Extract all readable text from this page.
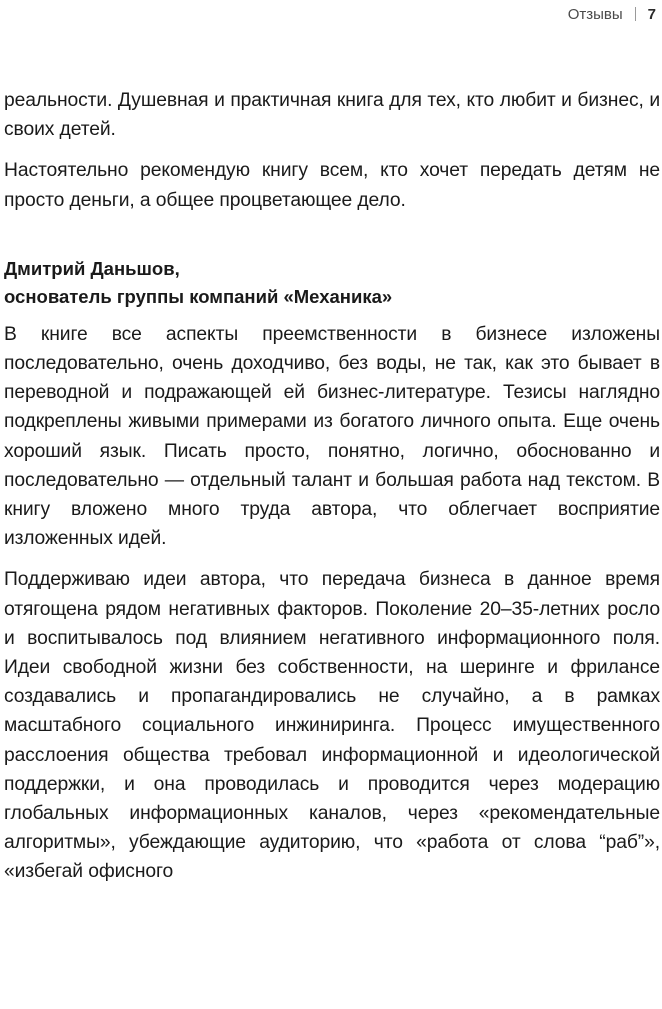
Отзывы 7

реальности. Душевная и практичная книга для тех, кто любит и бизнес, и своих детей.

Настоятельно рекомендую книгу всем, кто хочет передать детям не просто деньги, а общее процветающее дело.

Дмитрий Даньшов,
основатель группы компаний «Механика»

В книге все аспекты преемственности в бизнесе изложены последовательно, очень доходчиво, без воды, не так, как это бывает в переводной и подражающей ей бизнес-литературе. Тезисы наглядно подкреплены живыми примерами из богатого личного опыта. Еще очень хороший язык. Писать просто, понятно, логично, обоснованно и последовательно — отдельный талант и большая работа над текстом. В книгу вложено много труда автора, что облегчает восприятие изложенных идей.

Поддерживаю идеи автора, что передача бизнеса в данное время отягощена рядом негативных факторов. Поколение 20–35-летних росло и воспитывалось под влиянием негативного информационного поля. Идеи свободной жизни без собственности, на шеринге и фрилансе создавались и пропагандировались не случайно, а в рамках масштабного социального инжиниринга. Процесс имущественного расслоения общества требовал информационной и идеологической поддержки, и она проводилась и проводится через модерацию глобальных информационных каналов, через «рекомендательные алгоритмы», убеждающие аудиторию, что «работа от слова “раб”», «избегай офисного
